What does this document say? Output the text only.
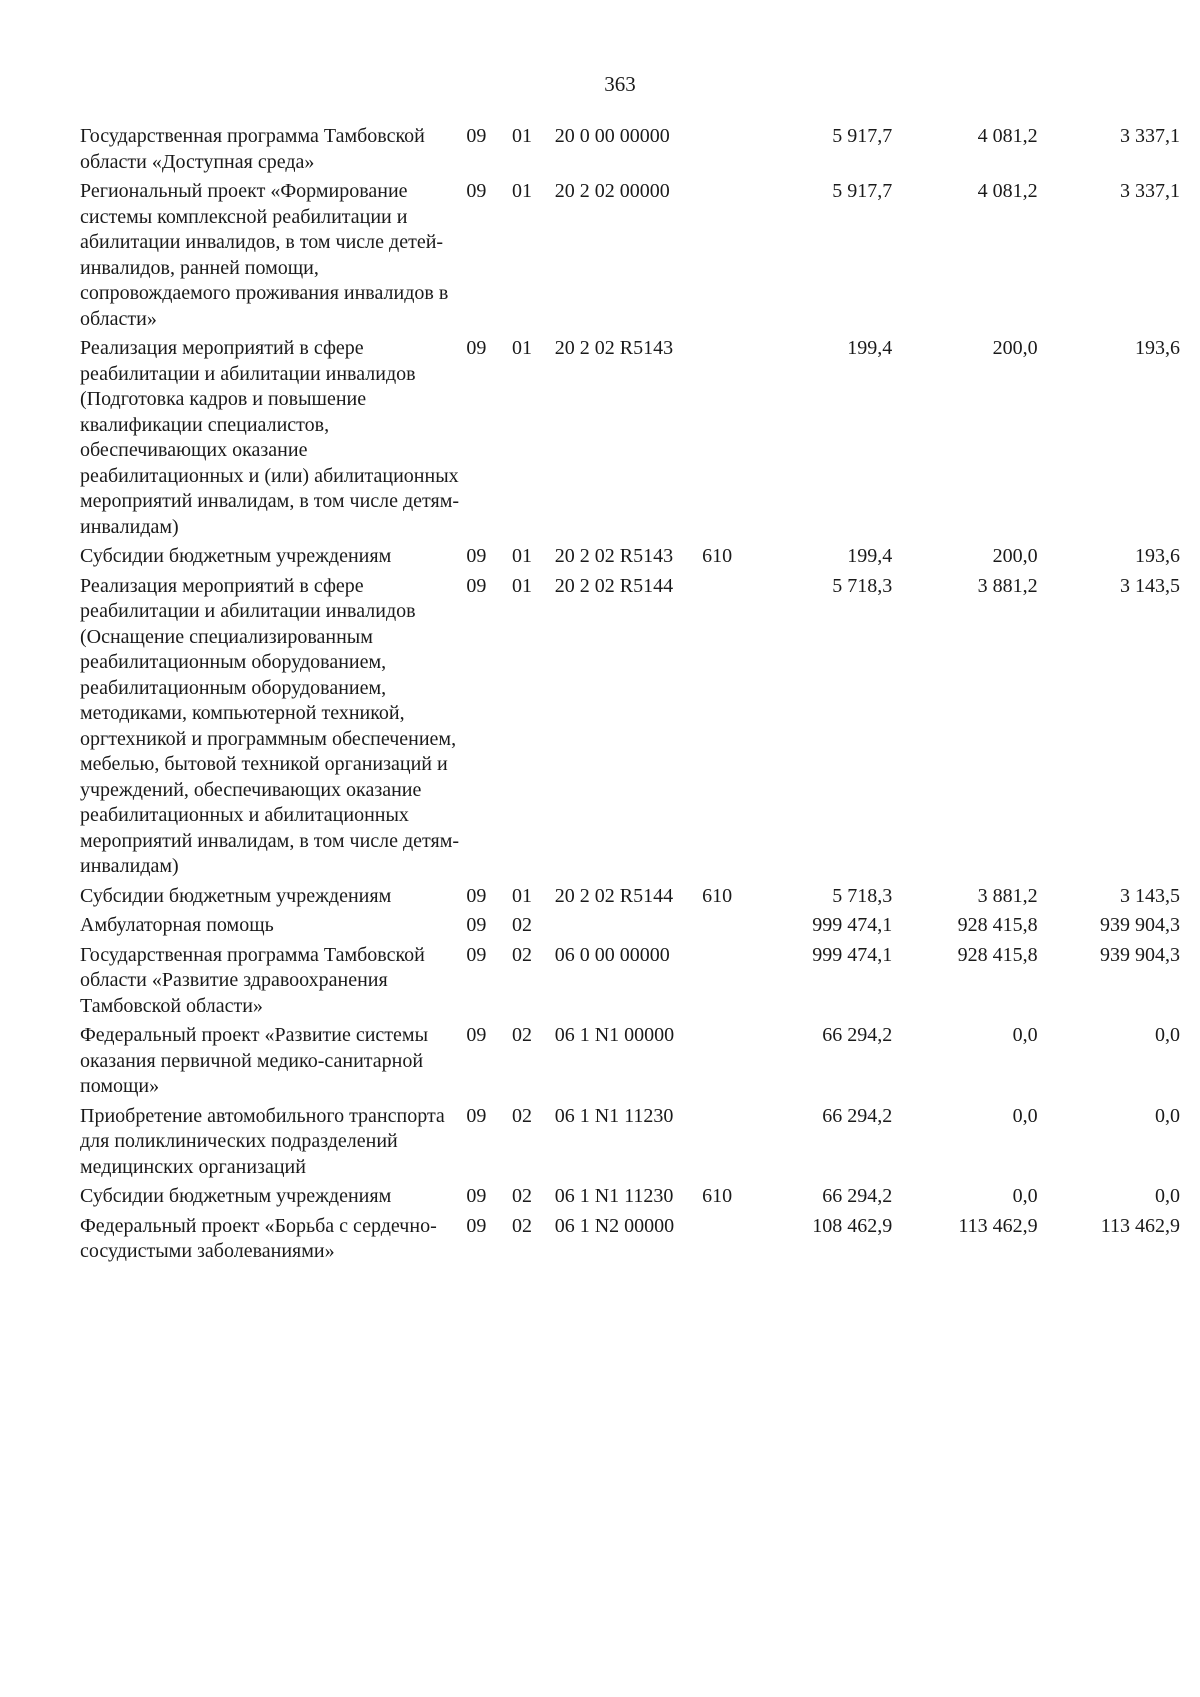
363
Государственная программа Тамбовской области «Доступная среда»	09	01	20 0 00 00000		5 917,7	4 081,2	3 337,1
Региональный проект «Формирование системы комплексной реабилитации и абилитации инвалидов, в том числе детей-инвалидов, ранней помощи, сопровождаемого проживания инвалидов в области»	09	01	20 2 02 00000		5 917,7	4 081,2	3 337,1
Реализация мероприятий в сфере реабилитации и абилитации инвалидов (Подготовка кадров и повышение квалификации специалистов, обеспечивающих оказание реабилитационных и (или) абилитационных мероприятий инвалидам, в том числе детям-инвалидам)	09	01	20 2 02 R5143		199,4	200,0	193,6
Субсидии бюджетным учреждениям	09	01	20 2 02 R5143	610	199,4	200,0	193,6
Реализация мероприятий в сфере реабилитации и абилитации инвалидов (Оснащение специализированным реабилитационным оборудованием, реабилитационным оборудованием, методиками, компьютерной техникой, оргтехникой и программным обеспечением, мебелью, бытовой техникой организаций и учреждений, обеспечивающих оказание реабилитационных и абилитационных мероприятий инвалидам, в том числе детям-инвалидам)	09	01	20 2 02 R5144		5 718,3	3 881,2	3 143,5
Субсидии бюджетным учреждениям	09	01	20 2 02 R5144	610	5 718,3	3 881,2	3 143,5
Амбулаторная помощь	09	02			999 474,1	928 415,8	939 904,3
Государственная программа Тамбовской области «Развитие здравоохранения Тамбовской области»	09	02	06 0 00 00000		999 474,1	928 415,8	939 904,3
Федеральный проект «Развитие системы оказания первичной медико-санитарной помощи»	09	02	06 1 N1 00000		66 294,2	0,0	0,0
Приобретение автомобильного транспорта для поликлинических подразделений медицинских организаций	09	02	06 1 N1 11230		66 294,2	0,0	0,0
Субсидии бюджетным учреждениям	09	02	06 1 N1 11230	610	66 294,2	0,0	0,0
Федеральный проект «Борьба с сердечно-сосудистыми заболеваниями»	09	02	06 1 N2 00000		108 462,9	113 462,9	113 462,9
